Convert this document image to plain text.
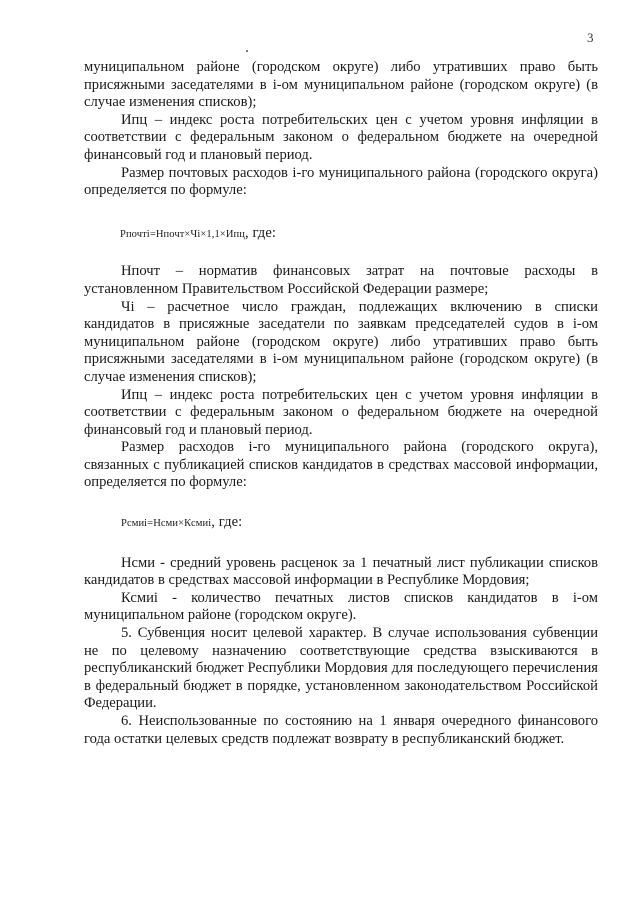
3

муниципальном районе (городском округе) либо утративших право быть присяжными заседателями в i-ом муниципальном районе (городском округе) (в случае изменения списков);

Ипц – индекс роста потребительских цен с учетом уровня инфляции в соответствии с федеральным законом о федеральном бюджете на очередной финансовый год и плановый период.

Размер почтовых расходов i-го муниципального района (городского округа) определяется по формуле:

Рпочтi=Нпочт×Чi×1,1×Ипц, где:

Нпочт – норматив финансовых затрат на почтовые расходы в установленном Правительством Российской Федерации размере;

Чi – расчетное число граждан, подлежащих включению в списки кандидатов в присяжные заседатели по заявкам председателей судов в i-ом муниципальном районе (городском округе) либо утративших право быть присяжными заседателями в i-ом муниципальном районе (городском округе) (в случае изменения списков);

Ипц – индекс роста потребительских цен с учетом уровня инфляции в соответствии с федеральным законом о федеральном бюджете на очередной финансовый год и плановый период.

Размер расходов i-го муниципального района (городского округа), связанных с публикацией списков кандидатов в средствах массовой информации, определяется по формуле:

Рсмиi=Нсми×Ксмиi, где:

Нсми - средний уровень расценок за 1 печатный лист публикации списков кандидатов в средствах массовой информации в Республике Мордовия;

Ксмиi - количество печатных листов списков кандидатов в i-ом муниципальном районе (городском округе).

5. Субвенция носит целевой характер. В случае использования субвенции не по целевому назначению соответствующие средства взыскиваются в республиканский бюджет Республики Мордовия для последующего перечисления в федеральный бюджет в порядке, установленном законодательством Российской Федерации.

6. Неиспользованные по состоянию на 1 января очередного финансового года остатки целевых средств подлежат возврату в республиканский бюджет.
